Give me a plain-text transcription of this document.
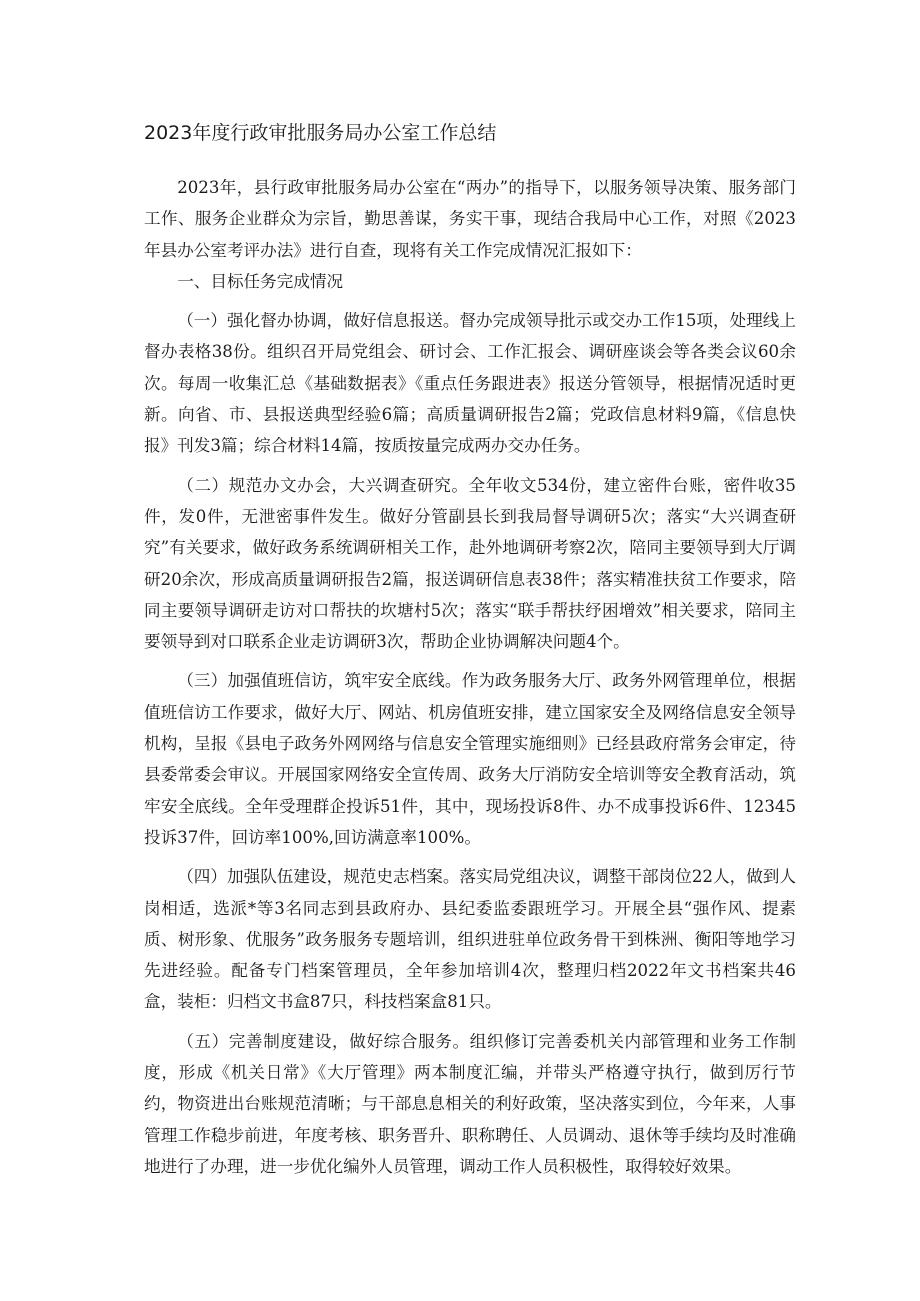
2023年度行政审批服务局办公室工作总结

2023年，县行政审批服务局办公室在“两办”的指导下，以服务领导决策、服务部门工作、服务企业群众为宗旨，勤思善谋，务实干事，现结合我局中心工作，对照《2023年县办公室考评办法》进行自查，现将有关工作完成情况汇报如下：

一、目标任务完成情况

（一）强化督办协调，做好信息报送。督办完成领导批示或交办工作15项，处理线上督办表格38份。组织召开局党组会、研讨会、工作汇报会、调研座谈会等各类会议60余次。每周一收集汇总《基础数据表》《重点任务跟进表》报送分管领导，根据情况适时更新。向省、市、县报送典型经验6篇；高质量调研报告2篇；党政信息材料9篇，《信息快报》刊发3篇；综合材料14篇，按质按量完成两办交办任务。

（二）规范办文办会，大兴调查研究。全年收文534份，建立密件台账，密件收35件，发0件，无泄密事件发生。做好分管副县长到我局督导调研5次；落实“大兴调查研究”有关要求，做好政务系统调研相关工作，赴外地调研考察2次，陪同主要领导到大厅调研20余次，形成高质量调研报告2篇，报送调研信息表38件；落实精准扶贫工作要求，陪同主要领导调研走访对口帮扶的坎塘村5次；落实“联手帮扶纾困增效”相关要求，陪同主要领导到对口联系企业走访调研3次，帮助企业协调解决问题4个。

（三）加强值班信访，筑牢安全底线。作为政务服务大厅、政务外网管理单位，根据值班信访工作要求，做好大厅、网站、机房值班安排，建立国家安全及网络信息安全领导机构，呈报《县电子政务外网网络与信息安全管理实施细则》已经县政府常务会审定，待县委常委会审议。开展国家网络安全宣传周、政务大厅消防安全培训等安全教育活动，筑牢安全底线。全年受理群企投诉51件，其中，现场投诉8件、办不成事投诉6件、12345投诉37件，回访率100%,回访满意率100%。

（四）加强队伍建设，规范史志档案。落实局党组决议，调整干部岗位22人，做到人岗相适，选派*等3名同志到县政府办、县纪委监委跟班学习。开展全县“强作风、提素质、树形象、优服务”政务服务专题培训，组织进驻单位政务骨干到株洲、衡阳等地学习先进经验。配备专门档案管理员，全年参加培训4次，整理归档2022年文书档案共46盒，装柜：归档文书盒87只，科技档案盒81只。

（五）完善制度建设，做好综合服务。组织修订完善委机关内部管理和业务工作制度，形成《机关日常》《大厅管理》两本制度汇编，并带头严格遵守执行，做到厉行节约，物资进出台账规范清晰；与干部息息相关的利好政策，坚决落实到位，今年来，人事管理工作稳步前进，年度考核、职务晋升、职称聘任、人员调动、退休等手续均及时准确地进行了办理，进一步优化编外人员管理，调动工作人员积极性，取得较好效果。
